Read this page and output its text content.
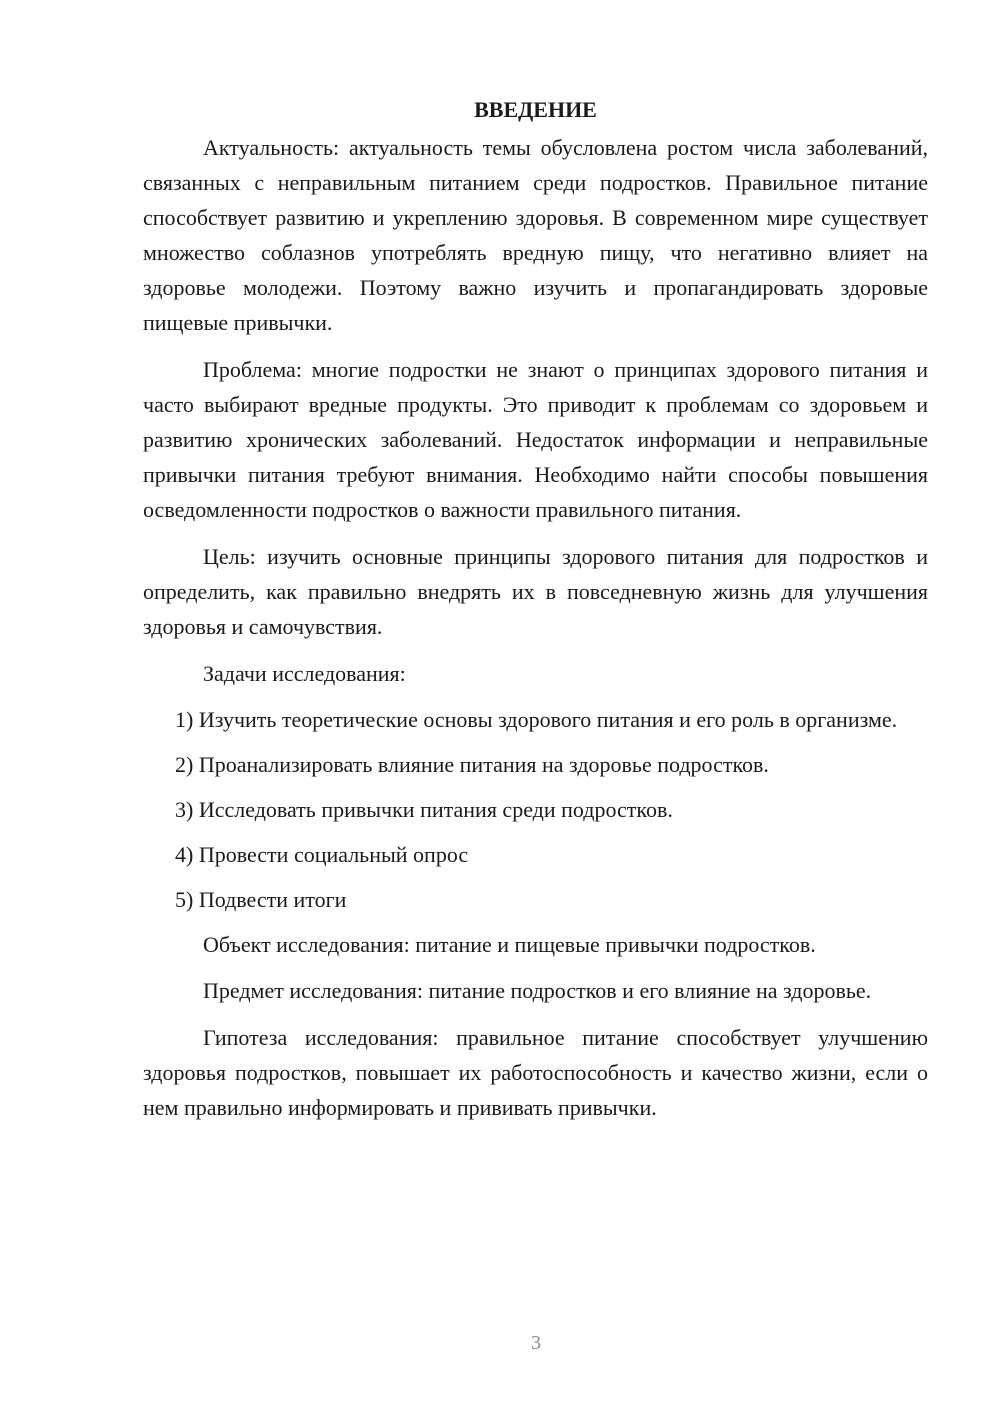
ВВЕДЕНИЕ

Актуальность: актуальность темы обусловлена ростом числа заболеваний, связанных с неправильным питанием среди подростков. Правильное питание способствует развитию и укреплению здоровья. В современном мире существует множество соблазнов употреблять вредную пищу, что негативно влияет на здоровье молодежи. Поэтому важно изучить и пропагандировать здоровые пищевые привычки.

Проблема: многие подростки не знают о принципах здорового питания и часто выбирают вредные продукты. Это приводит к проблемам со здоровьем и развитию хронических заболеваний. Недостаток информации и неправильные привычки питания требуют внимания. Необходимо найти способы повышения осведомленности подростков о важности правильного питания.

Цель: изучить основные принципы здорового питания для подростков и определить, как правильно внедрять их в повседневную жизнь для улучшения здоровья и самочувствия.

Задачи исследования:

1) Изучить теоретические основы здорового питания и его роль в организме.

2) Проанализировать влияние питания на здоровье подростков.

3) Исследовать привычки питания среди подростков.

4) Провести социальный опрос

5) Подвести итоги

Объект исследования: питание и пищевые привычки подростков.

Предмет исследования: питание подростков и его влияние на здоровье.

Гипотеза исследования: правильное питание способствует улучшению здоровья подростков, повышает их работоспособность и качество жизни, если о нем правильно информировать и прививать привычки.

3
